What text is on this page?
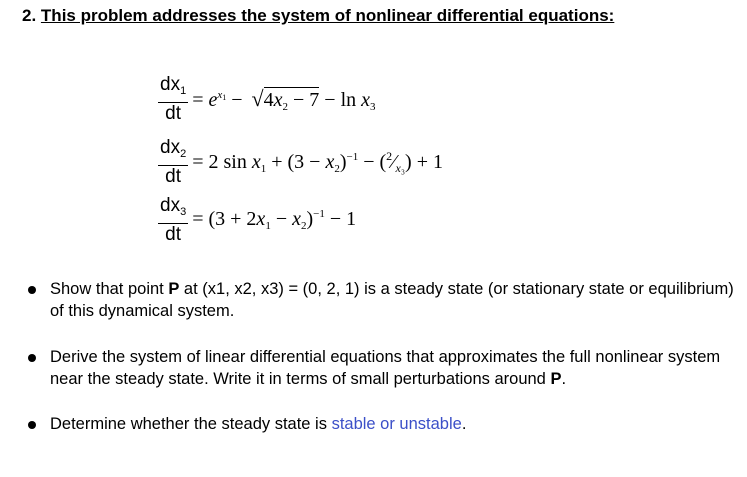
2. This problem addresses the system of nonlinear differential equations:
$\frac{dx_1}{dt} = e^{x_1} - √4x_2 - 7 - \ln x_3$
$\frac{dx_2}{dt} = 2$ $\sin x_1 + (3 - x_2)^{-1}$ − $(^2⁄_{x_3}) + 1$
$\frac{dx_3}{dt} = (3 + 2x_1 - x_2)^{-1} - 1$
Show that point P at (x1, x2, x3) = (0, 2, 1) is a steady state (or stationary state or equilibrium) of this dynamical system.
Derive the system of linear differential equations that approximates the full nonlinear system near the steady state. Write it in terms of small perturbations around P.
Determine whether the steady state is stable or unstable.
